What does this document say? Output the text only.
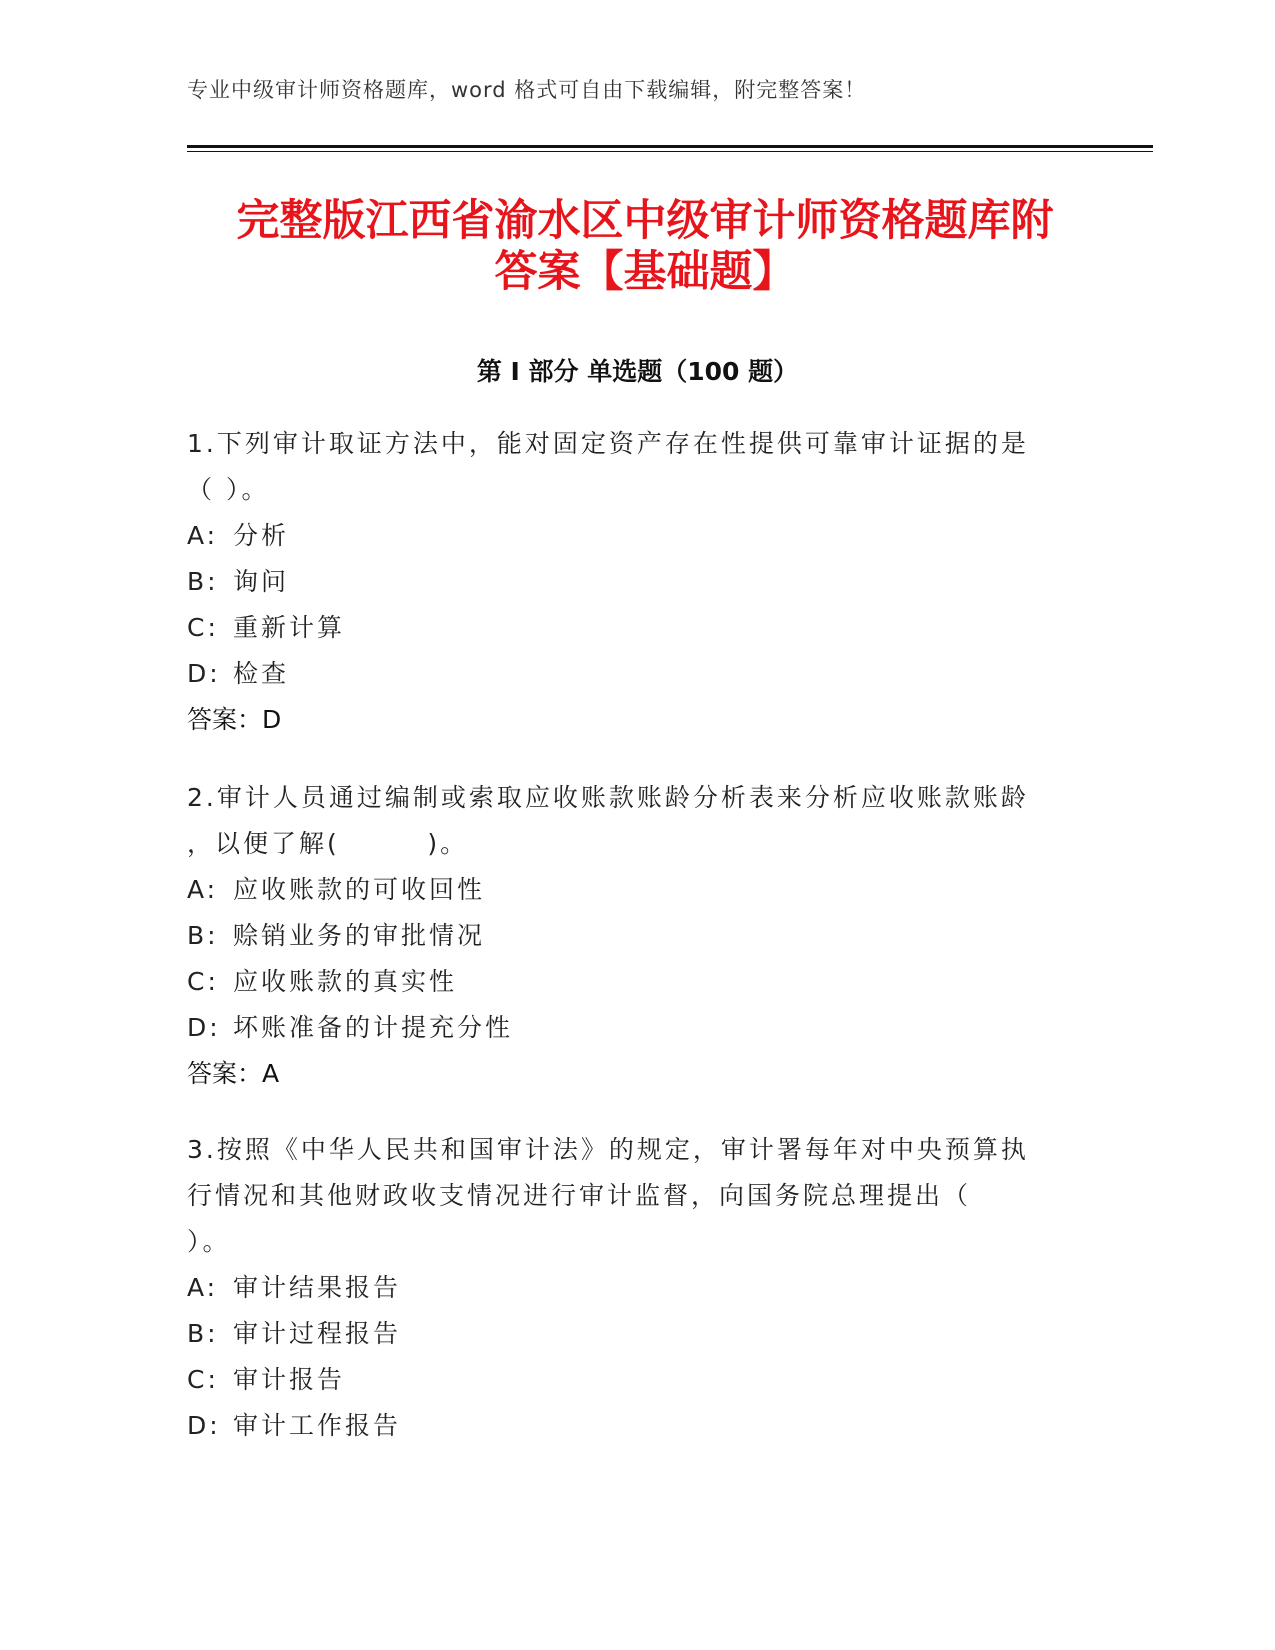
专业中级审计师资格题库，word 格式可自由下载编辑，附完整答案！
完整版江西省渝水区中级审计师资格题库附
答案【基础题】
第 I 部分 单选题（100 题）

1.下列审计取证方法中，能对固定资产存在性提供可靠审计证据的是
（ ）。

A: 分析
B: 询问
C: 重新计算
D: 检查
答案：D

2.审计人员通过编制或索取应收账款账龄分析表来分析应收账款账龄
，以便了解(        )。

A: 应收账款的可收回性
B: 赊销业务的审批情况
C: 应收账款的真实性
D: 坏账准备的计提充分性
答案：A

3.按照《中华人民共和国审计法》的规定，审计署每年对中央预算执
行情况和其他财政收支情况进行审计监督，向国务院总理提出（
）。

A: 审计结果报告
B: 审计过程报告
C: 审计报告
D: 审计工作报告
